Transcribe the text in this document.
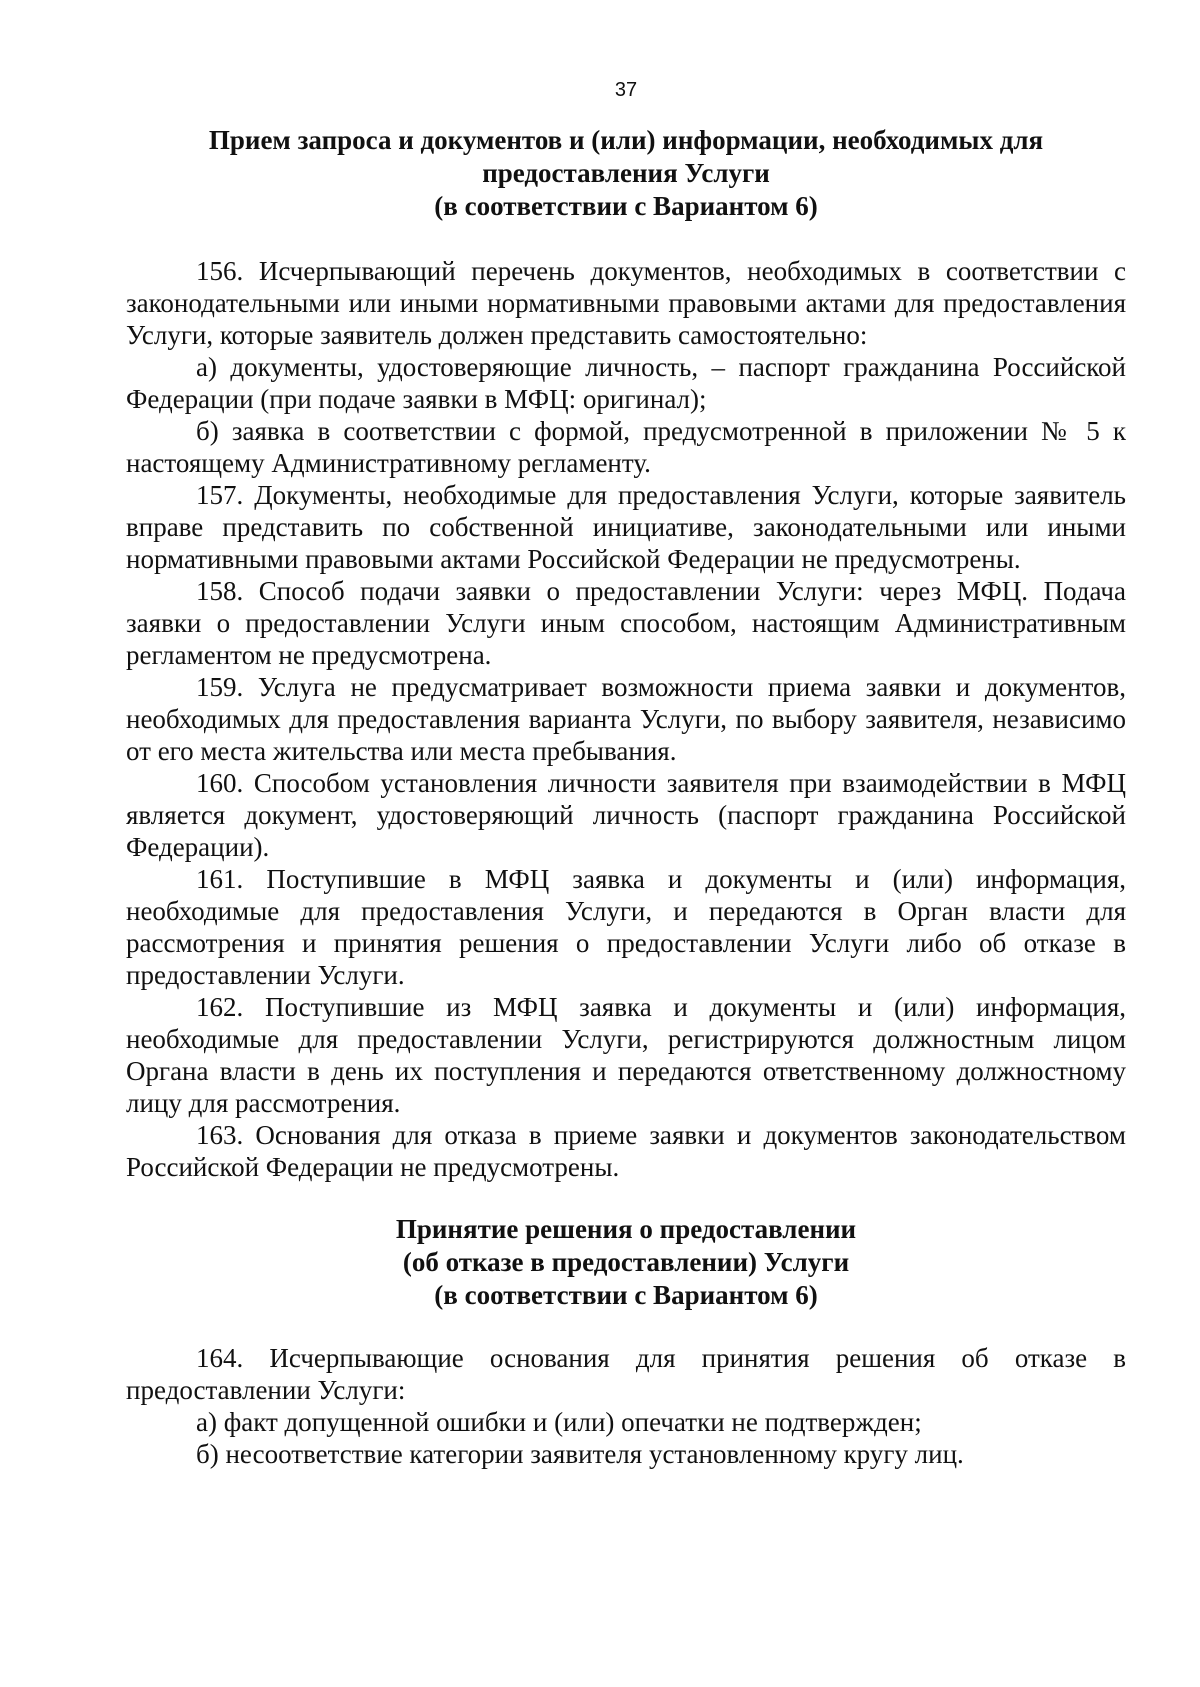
37
Прием запроса и документов и (или) информации, необходимых для
предоставления Услуги
(в соответствии с Вариантом 6)

156. Исчерпывающий перечень документов, необходимых в соответствии с законодательными или иными нормативными правовыми актами для предоставления Услуги, которые заявитель должен представить самостоятельно:

а) документы, удостоверяющие личность, – паспорт гражданина Российской Федерации (при подаче заявки в МФЦ: оригинал);

б) заявка в соответствии с формой, предусмотренной в приложении № 5 к настоящему Административному регламенту.

157. Документы, необходимые для предоставления Услуги, которые заявитель вправе представить по собственной инициативе, законодательными или иными нормативными правовыми актами Российской Федерации не предусмотрены.

158. Способ подачи заявки о предоставлении Услуги: через МФЦ. Подача заявки о предоставлении Услуги иным способом, настоящим Административным регламентом не предусмотрена.

159. Услуга не предусматривает возможности приема заявки и документов, необходимых для предоставления варианта Услуги, по выбору заявителя, независимо от его места жительства или места пребывания.

160. Способом установления личности заявителя при взаимодействии в МФЦ является документ, удостоверяющий личность (паспорт гражданина Российской Федерации).

161. Поступившие в МФЦ заявка и документы и (или) информация, необходимые для предоставления Услуги, и передаются в Орган власти для рассмотрения и принятия решения о предоставлении Услуги либо об отказе в предоставлении Услуги.

162. Поступившие из МФЦ заявка и документы и (или) информация, необходимые для предоставлении Услуги, регистрируются должностным лицом Органа власти в день их поступления и передаются ответственному должностному лицу для рассмотрения.

163. Основания для отказа в приеме заявки и документов законодательством Российской Федерации не предусмотрены.

Принятие решения о предоставлении
(об отказе в предоставлении) Услуги
(в соответствии с Вариантом 6)

164. Исчерпывающие основания для принятия решения об отказе в предоставлении Услуги:

а) факт допущенной ошибки и (или) опечатки не подтвержден;

б) несоответствие категории заявителя установленному кругу лиц.
